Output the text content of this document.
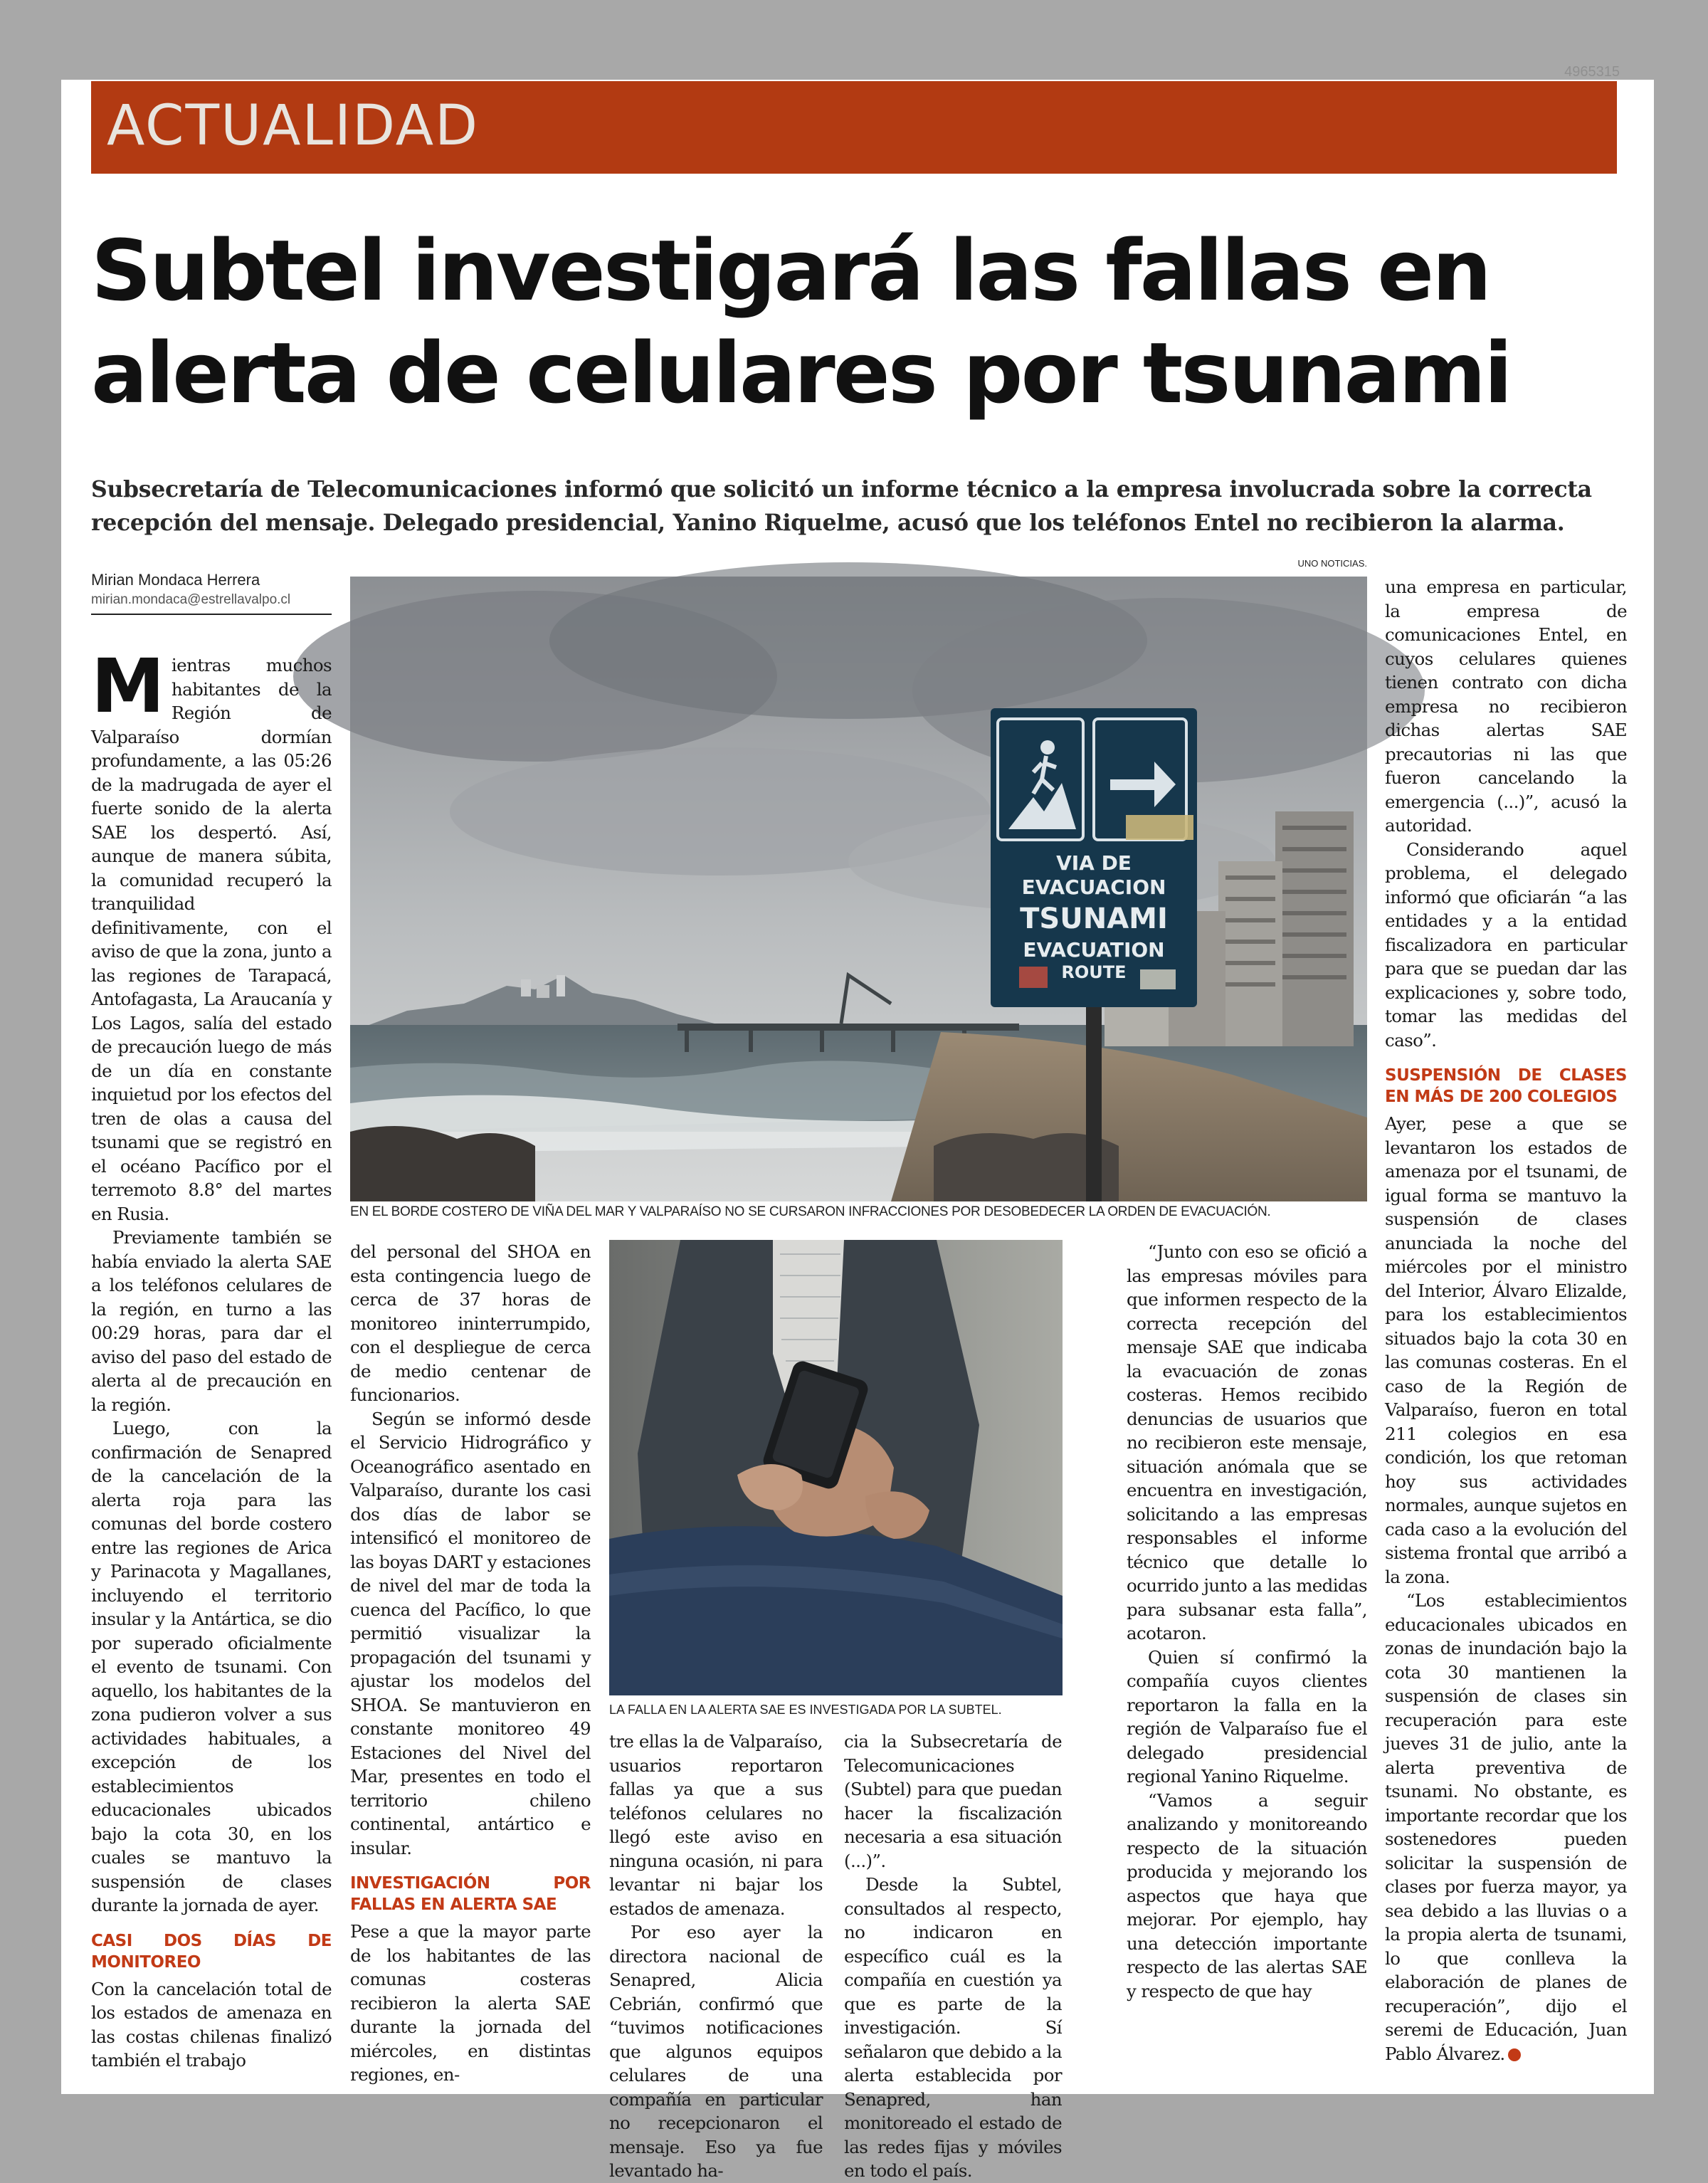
4965315
ACTUALIDAD
Subtel investigará las fallas en alerta de celulares por tsunami

Subsecretaría de Telecomunicaciones informó que solicitó un informe técnico a la empresa involucrada sobre la correcta recepción del mensaje. Delegado presidencial, Yanino Riquelme, acusó que los teléfonos Entel no recibieron la alarma.

Mirian Mondaca Herrera
mirian.mondaca@estrellavalpo.cl
UNO NOTICIAS.
VIA DE
EVACUACION
TSUNAMI
EVACUATION
ROUTE
EN EL BORDE COSTERO DE VIÑA DEL MAR Y VALPARAÍSO NO SE CURSARON INFRACCIONES POR DESOBEDECER LA ORDEN DE EVACUACIÓN.
LA FALLA EN LA ALERTA SAE ES INVESTIGADA POR LA SUBTEL.

Mientras muchos habitantes de la Región de Valparaíso dormían profundamente, a las 05:26 de la madrugada de ayer el fuerte sonido de la alerta SAE los despertó. Así, aunque de manera súbita, la comunidad recuperó la tranquilidad definitivamente, con el aviso de que la zona, junto a las regiones de Tarapacá, Antofagasta, La Araucanía y Los Lagos, salía del estado de precaución luego de más de un día en constante inquietud por los efectos del tren de olas a causa del tsunami que se registró en el océano Pacífico por el terremoto 8.8° del martes en Rusia.

Previamente también se había enviado la alerta SAE a los teléfonos celulares de la región, en turno a las 00:29 horas, para dar el aviso del paso del estado de alerta al de precaución en la región.

Luego, con la confirmación de Senapred de la cancelación de la alerta roja para las comunas del borde costero entre las regiones de Arica y Parinacota y Magallanes, incluyendo el territorio insular y la Antártica, se dio por superado oficialmente el evento de tsunami. Con aquello, los habitantes de la zona pudieron volver a sus actividades habituales, a excepción de los establecimientos educacionales ubicados bajo la cota 30, en los cuales se mantuvo la suspensión de clases durante la jornada de ayer.

CASI DOS DÍAS DE MONITOREO

Con la cancelación total de los estados de amenaza en las costas chilenas finalizó también el trabajo

del personal del SHOA en esta contingencia luego de cerca de 37 horas de monitoreo ininterrumpido, con el despliegue de cerca de medio centenar de funcionarios.

Según se informó desde el Servicio Hidrográfico y Oceanográfico asentado en Valparaíso, durante los casi dos días de labor se intensificó el monitoreo de las boyas DART y estaciones de nivel del mar de toda la cuenca del Pacífico, lo que permitió visualizar la propagación del tsunami y ajustar los modelos del SHOA. Se mantuvieron en constante monitoreo 49 Estaciones del Nivel del Mar, presentes en todo el territorio chileno continental, antártico e insular.

INVESTIGACIÓN POR FALLAS EN ALERTA SAE

Pese a que la mayor parte de los habitantes de las comunas costeras recibieron la alerta SAE durante la jornada del miércoles, en distintas regiones, en-

tre ellas la de Valparaíso, usuarios reportaron fallas ya que a sus teléfonos celulares no llegó este aviso en ninguna ocasión, ni para levantar ni bajar los estados de amenaza.

Por eso ayer la directora nacional de Senapred, Alicia Cebrián, confirmó que “tuvimos notificaciones que algunos equipos celulares de una compañía en particular no recepcionaron el mensaje. Eso ya fue levantado ha-

cia la Subsecretaría de Telecomunicaciones (Subtel) para que puedan hacer la fiscalización necesaria a esa situación (...)”.

Desde la Subtel, consultados al respecto, no indicaron en específico cuál es la compañía en cuestión ya que es parte de la investigación. Sí señalaron que debido a la alerta establecida por Senapred, han monitoreado el estado de las redes fijas y móviles en todo el país.

“Junto con eso se ofició a las empresas móviles para que informen respecto de la correcta recepción del mensaje SAE que indicaba la evacuación de zonas costeras. Hemos recibido denuncias de usuarios que no recibieron este mensaje, situación anómala que se encuentra en investigación, solicitando a las empresas responsables el informe técnico que detalle lo ocurrido junto a las medidas para subsanar esta falla”, acotaron.

Quien sí confirmó la compañía cuyos clientes reportaron la falla en la región de Valparaíso fue el delegado presidencial regional Yanino Riquelme.

“Vamos a seguir analizando y monitoreando respecto de la situación producida y mejorando los aspectos que haya que mejorar. Por ejemplo, hay una detección importante respecto de las alertas SAE y respecto de que hay

una empresa en particular, la empresa de comunicaciones Entel, en cuyos celulares quienes tienen contrato con dicha empresa no recibieron dichas alertas SAE precautorias ni las que fueron cancelando la emergencia (...)”, acusó la autoridad.

Considerando aquel problema, el delegado informó que oficiarán “a las entidades y a la entidad fiscalizadora en particular para que se puedan dar las explicaciones y, sobre todo, tomar las medidas del caso”.

SUSPENSIÓN DE CLASES EN MÁS DE 200 COLEGIOS

Ayer, pese a que se levantaron los estados de amenaza por el tsunami, de igual forma se mantuvo la suspensión de clases anunciada la noche del miércoles por el ministro del Interior, Álvaro Elizalde, para los establecimientos situados bajo la cota 30 en las comunas costeras. En el caso de la Región de Valparaíso, fueron en total 211 colegios en esa condición, los que retoman hoy sus actividades normales, aunque sujetos en cada caso a la evolución del sistema frontal que arribó a la zona.

“Los establecimientos educacionales ubicados en zonas de inundación bajo la cota 30 mantienen la suspensión de clases sin recuperación para este jueves 31 de julio, ante la alerta preventiva de tsunami. No obstante, es importante recordar que los sostenedores pueden solicitar la suspensión de clases por fuerza mayor, ya sea debido a las lluvias o a la propia alerta de tsunami, lo que conlleva la elaboración de planes de recuperación”, dijo el seremi de Educación, Juan Pablo Álvarez.
